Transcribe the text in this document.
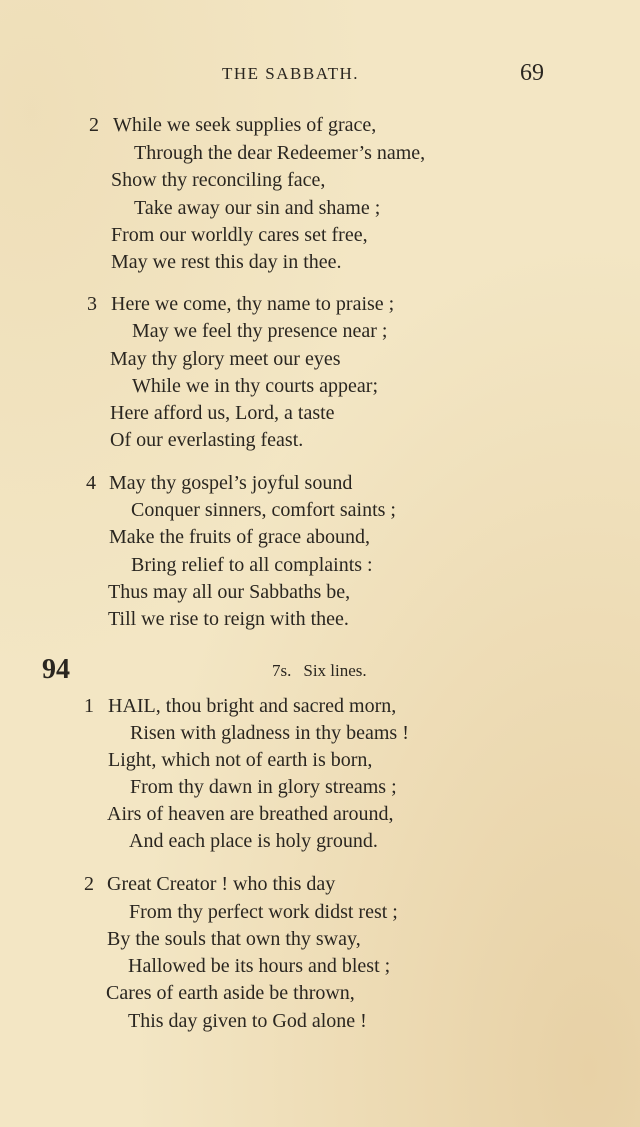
THE SABBATH.	69
2 While we seek supplies of grace,
Through the dear Redeemer’s name,
Show thy reconciling face,
Take away our sin and shame ;
From our worldly cares set free,
May we rest this day in thee.
3 Here we come, thy name to praise ;
May we feel thy presence near ;
May thy glory meet our eyes
While we in thy courts appear;
Here afford us, Lord, a taste
Of our everlasting feast.
4 May thy gospel’s joyful sound
Conquer sinners, comfort saints ;
Make the fruits of grace abound,
Bring relief to all complaints :
Thus may all our Sabbaths be,
Till we rise to reign with thee.
94	7s. Six lines.
1 HAIL, thou bright and sacred morn,
Risen with gladness in thy beams !
Light, which not of earth is born,
From thy dawn in glory streams ;
Airs of heaven are breathed around,
And each place is holy ground.
2 Great Creator ! who this day
From thy perfect work didst rest ;
By the souls that own thy sway,
Hallowed be its hours and blest ;
Cares of earth aside be thrown,
This day given to God alone !
